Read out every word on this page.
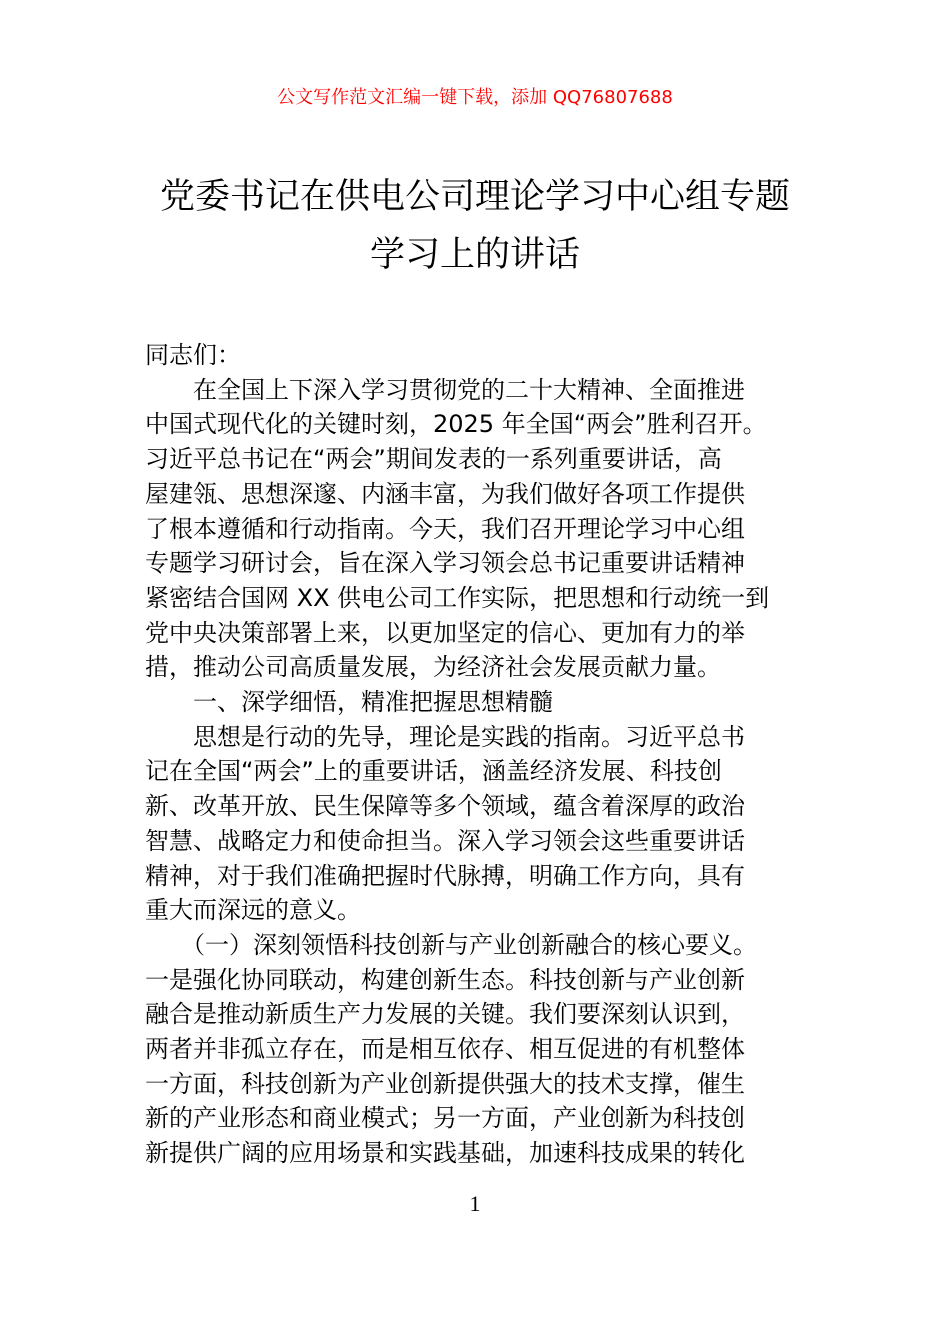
公文写作范文汇编一键下载，添加 QQ76807688
党委书记在供电公司理论学习中心组专题
学习上的讲话

同志们：

　　在全国上下深入学习贯彻党的二十大精神、全面推进

中国式现代化的关键时刻，2025 年全国“两会”胜利召开。

习近平总书记在“两会”期间发表的一系列重要讲话，高

屋建瓴、思想深邃、内涵丰富，为我们做好各项工作提供

了根本遵循和行动指南。今天，我们召开理论学习中心组

专题学习研讨会，旨在深入学习领会总书记重要讲话精神

紧密结合国网 XX 供电公司工作实际，把思想和行动统一到

党中央决策部署上来，以更加坚定的信心、更加有力的举

措，推动公司高质量发展，为经济社会发展贡献力量。

　　一、深学细悟，精准把握思想精髓

　　思想是行动的先导，理论是实践的指南。习近平总书

记在全国“两会”上的重要讲话，涵盖经济发展、科技创

新、改革开放、民生保障等多个领域，蕴含着深厚的政治

智慧、战略定力和使命担当。深入学习领会这些重要讲话

精神，对于我们准确把握时代脉搏，明确工作方向，具有

重大而深远的意义。

　　（一）深刻领悟科技创新与产业创新融合的核心要义。

一是强化协同联动，构建创新生态。科技创新与产业创新

融合是推动新质生产力发展的关键。我们要深刻认识到，

两者并非孤立存在，而是相互依存、相互促进的有机整体

一方面，科技创新为产业创新提供强大的技术支撑，催生

新的产业形态和商业模式；另一方面，产业创新为科技创

新提供广阔的应用场景和实践基础，加速科技成果的转化

1
